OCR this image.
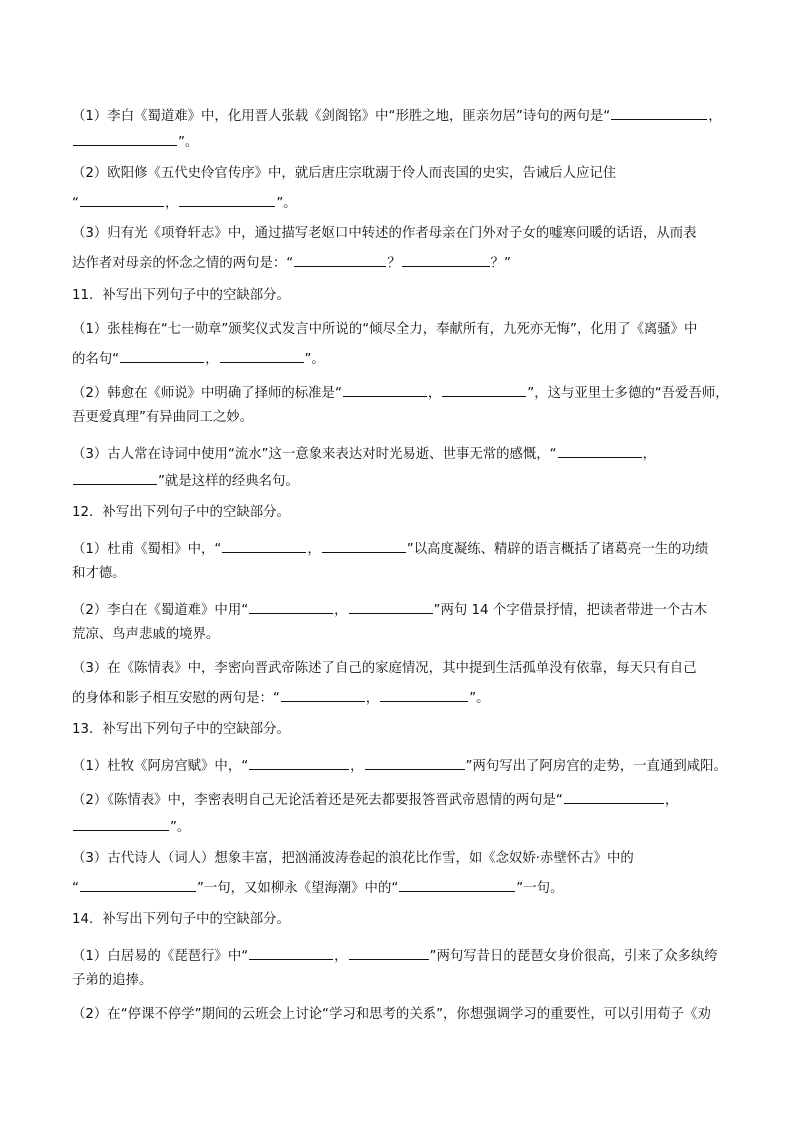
（1）李白《蜀道难》中，化用晋人张载《剑阁铭》中“形胜之地，匪亲勿居”诗句的两句是“	，
”。
（2）欧阳修《五代史伶官传序》中，就后唐庄宗耽溺于伶人而丧国的史实，告诫后人应记住
“	，	”。
（3）归有光《项脊轩志》中，通过描写老妪口中转述的作者母亲在门外对子女的嘘寒问暖的话语，从而表
达作者对母亲的怀念之情的两句是：“	？	？”
11．补写出下列句子中的空缺部分。
（1）张桂梅在“七一勋章”颁奖仪式发言中所说的“倾尽全力，奉献所有，九死亦无悔”，化用了《离骚》中
的名句“	，	”。
（2）韩愈在《师说》中明确了择师的标准是“	，	”，这与亚里士多德的“吾爱吾师，
吾更爱真理”有异曲同工之妙。
（3）古人常在诗词中使用“流水”这一意象来表达对时光易逝、世事无常的感慨，“	，
”就是这样的经典名句。
12．补写出下列句子中的空缺部分。
（1）杜甫《蜀相》中，“	，	”以高度凝练、精辟的语言概括了诸葛亮一生的功绩
和才德。
（2）李白在《蜀道难》中用“	，	”两句 14 个字借景抒情，把读者带进一个古木
荒凉、鸟声悲戚的境界。
（3）在《陈情表》中，李密向晋武帝陈述了自己的家庭情况，其中提到生活孤单没有依靠，每天只有自己
的身体和影子相互安慰的两句是：“	，	”。
13．补写出下列句子中的空缺部分。
（1）杜牧《阿房宫赋》中，“	，	”两句写出了阿房宫的走势，一直通到咸阳。
（2）《陈情表》中，李密表明自己无论活着还是死去都要报答晋武帝恩情的两句是“	，
”。
（3）古代诗人（词人）想象丰富，把汹涌波涛卷起的浪花比作雪，如《念奴娇·赤壁怀古》中的
“	”一句，又如柳永《望海潮》中的“	”一句。
14．补写出下列句子中的空缺部分。
（1）白居易的《琵琶行》中“	，	”两句写昔日的琵琶女身价很高，引来了众多纨绔
子弟的追捧。
（2）在“停课不停学”期间的云班会上讨论“学习和思考的关系”，你想强调学习的重要性，可以引用荀子《劝
